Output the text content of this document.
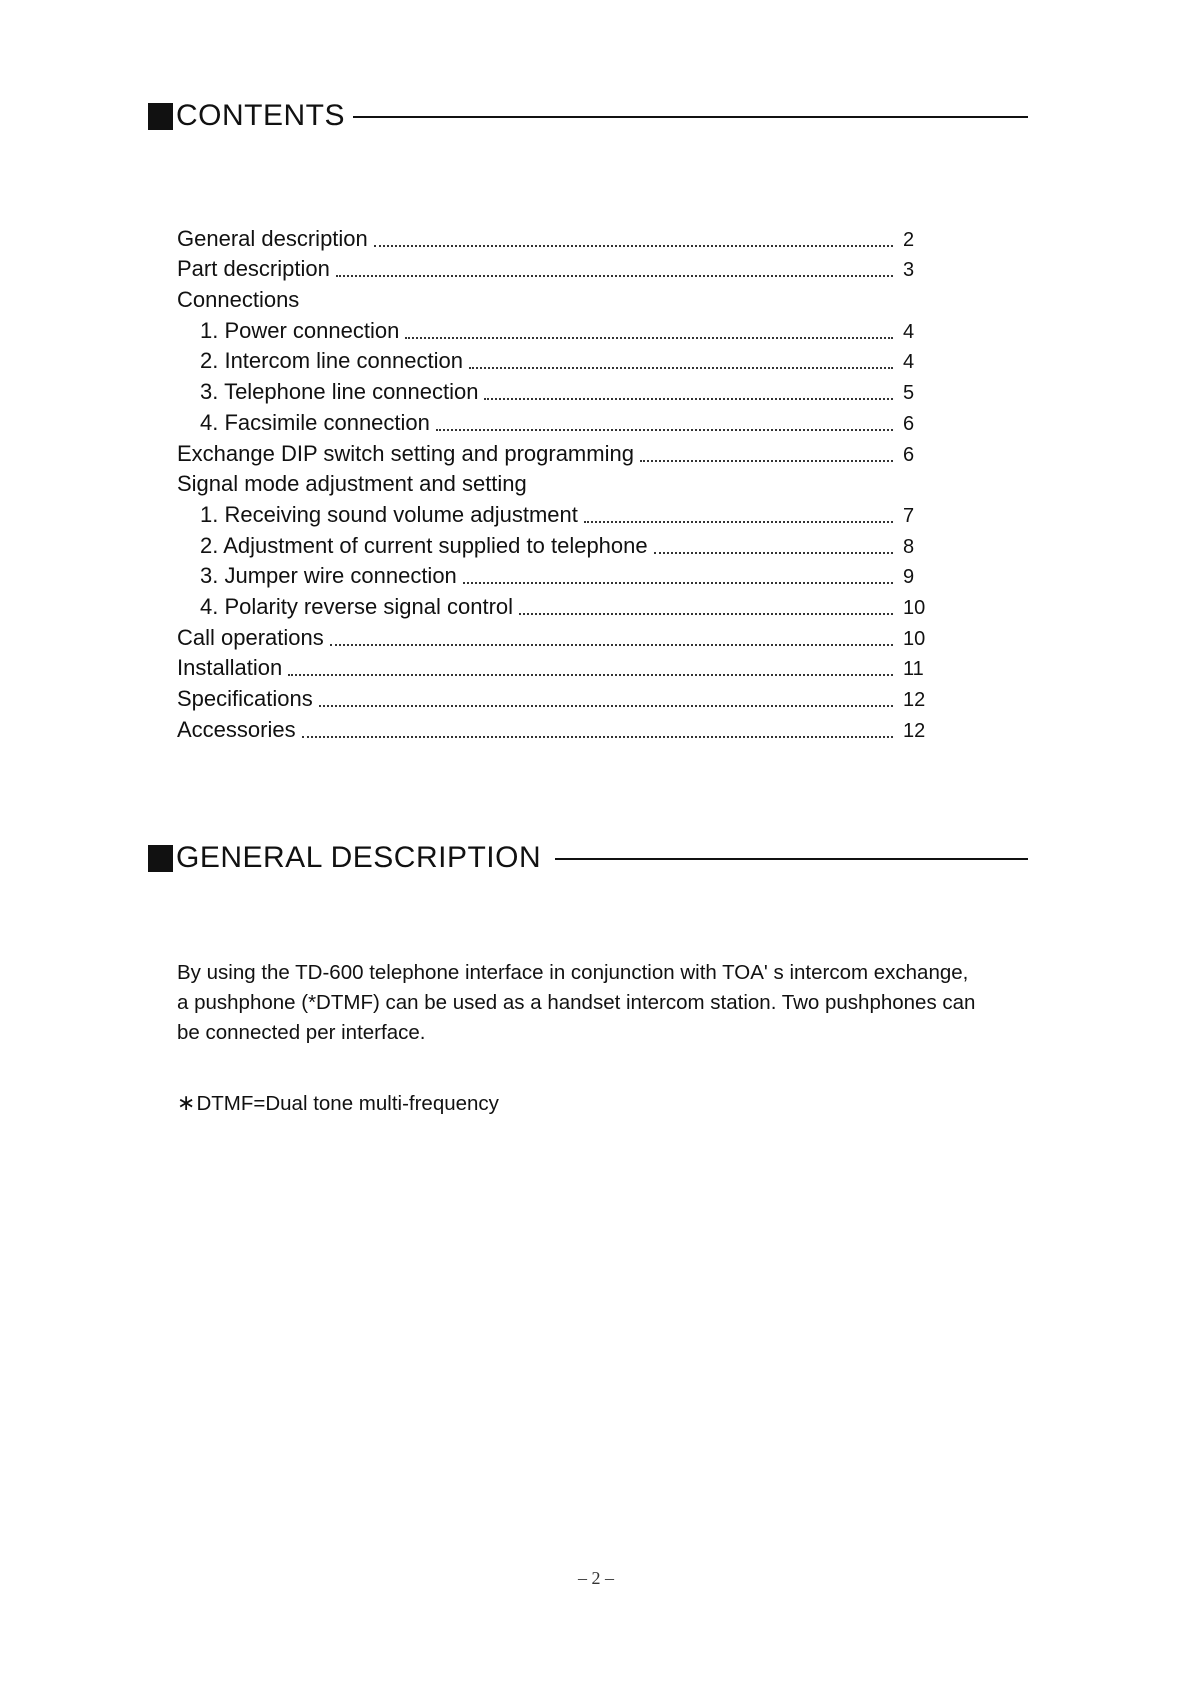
CONTENTS
General description	2
Part description	3
Connections
1. Power connection	4
2. Intercom line connection	4
3. Telephone line connection	5
4. Facsimile connection	6
Exchange DIP switch setting and programming	6
Signal mode adjustment and setting
1. Receiving sound volume adjustment	7
2. Adjustment of current supplied to telephone	8
3. Jumper wire connection	9
4. Polarity reverse signal control	10
Call operations	10
Installation	11
Specifications	12
Accessories	12
GENERAL DESCRIPTION

By using the TD-600 telephone interface in conjunction with TOA' s intercom exchange,

a pushphone (*DTMF) can be used as a handset intercom station. Two pushphones can

be connected per interface.

∗DTMF=Dual tone multi-frequency
– 2 –
